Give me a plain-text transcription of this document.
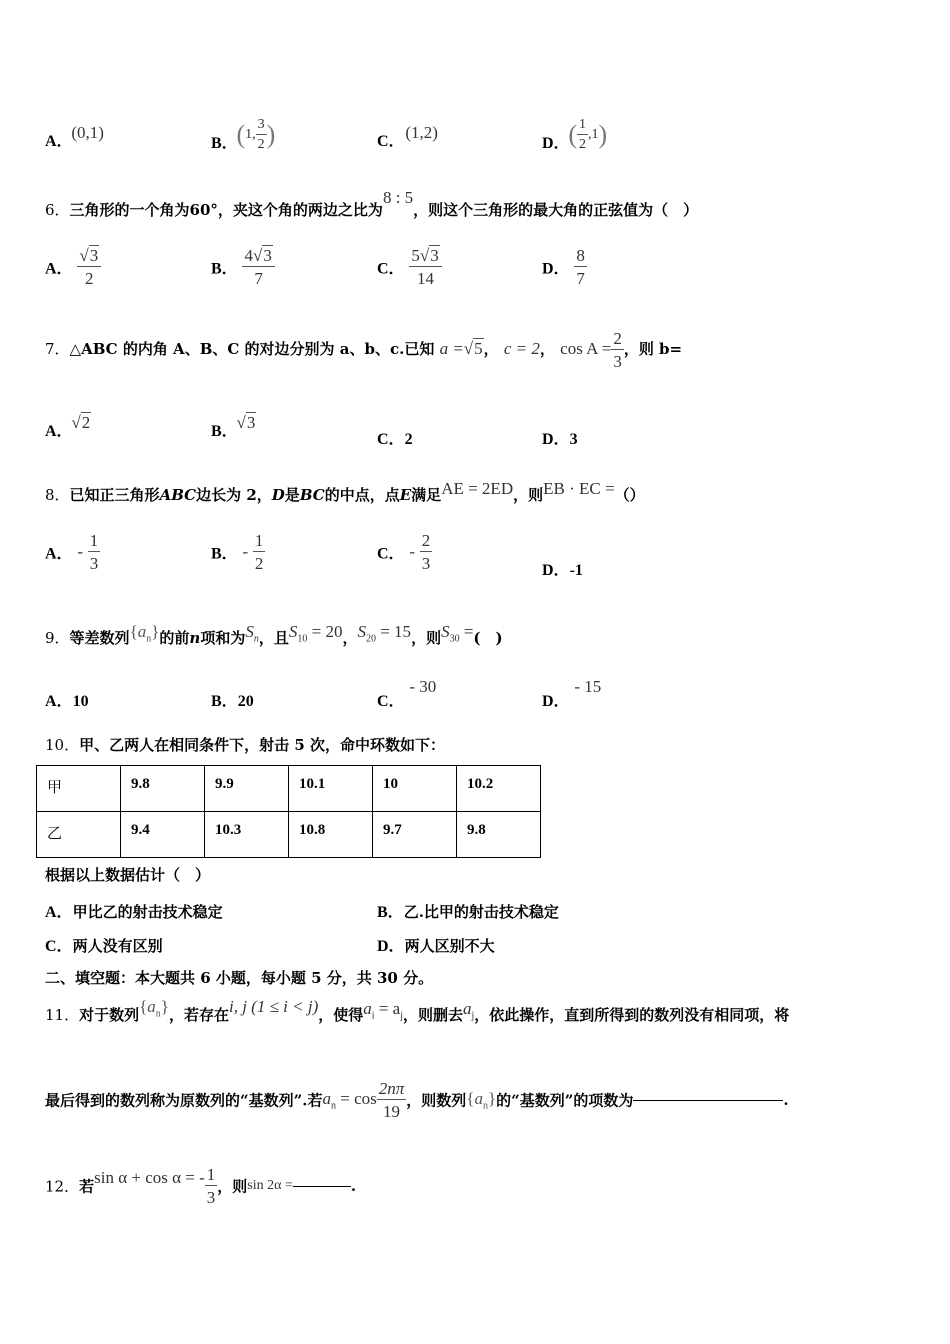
A． (0,1)
B． (1, $\frac{3}{2}$ )	C． (1,2)
D． ( $\frac{1}{2} ,1$)
6．三角形的一个角为60°，夹这个角的两边之比为8 : 5，则这个三角形的最大角的正弦值为（　）
A． $\frac{√3}{2}$	B． $\frac{4√3}{7}$	C． $\frac{5√3}{14}$	D． $\frac{8}{7}$
7．△ABC 的内角 A、B、C 的对边分别为 a、b、c.已知 a =√5， c = 2， $\cos A = \frac{2}{3}$ ，则 b=
A． √2	B． √3
C．2	D．3
8．已知正三角形ABC边长为 2，D是BC的中点，点E满足AE = 2ED，则EB · EC =（）
A． - $\frac{1}{3}$	B． - $\frac{1}{2}$	C． - $\frac{2}{3}$	D．-1
9．等差数列$\{a_n\}$的前n项和为$S_n$，且$S_{10} = 20$，$S_{20} = 15$，则$S_{30}$ =(　)
A．10	B．20	C． - 30
D． - 15
10．甲、乙两人在相同条件下，射击 5 次，命中环数如下：
甲	9.8	9.9	10.1	10	10.2
乙	9.4	10.3	10.8	9.7	9.8
根据以上数据估计（　）
A．甲比乙的射击技术稳定	B．乙.比甲的射击技术稳定
C．两人没有区别	D．两人区别不大
二、填空题：本大题共 6 小题，每小题 5 分，共 30 分。
11．对于数列$\{a_n\}$，若存在i, j (1 ≤ i < j)，使得$a_i = a_j$，则删去$a_j$，依此操作，直到所得到的数列没有相同项，将
最后得到的数列称为原数列的“基数列”.若$a_n = \cos \frac{2n\pi}{19}$ ，则数列$\{a_n\}$的“基数列”的项数为	.
12．若sin α + cos α = - $\frac{1}{3}$ ，则sin 2α =	.
